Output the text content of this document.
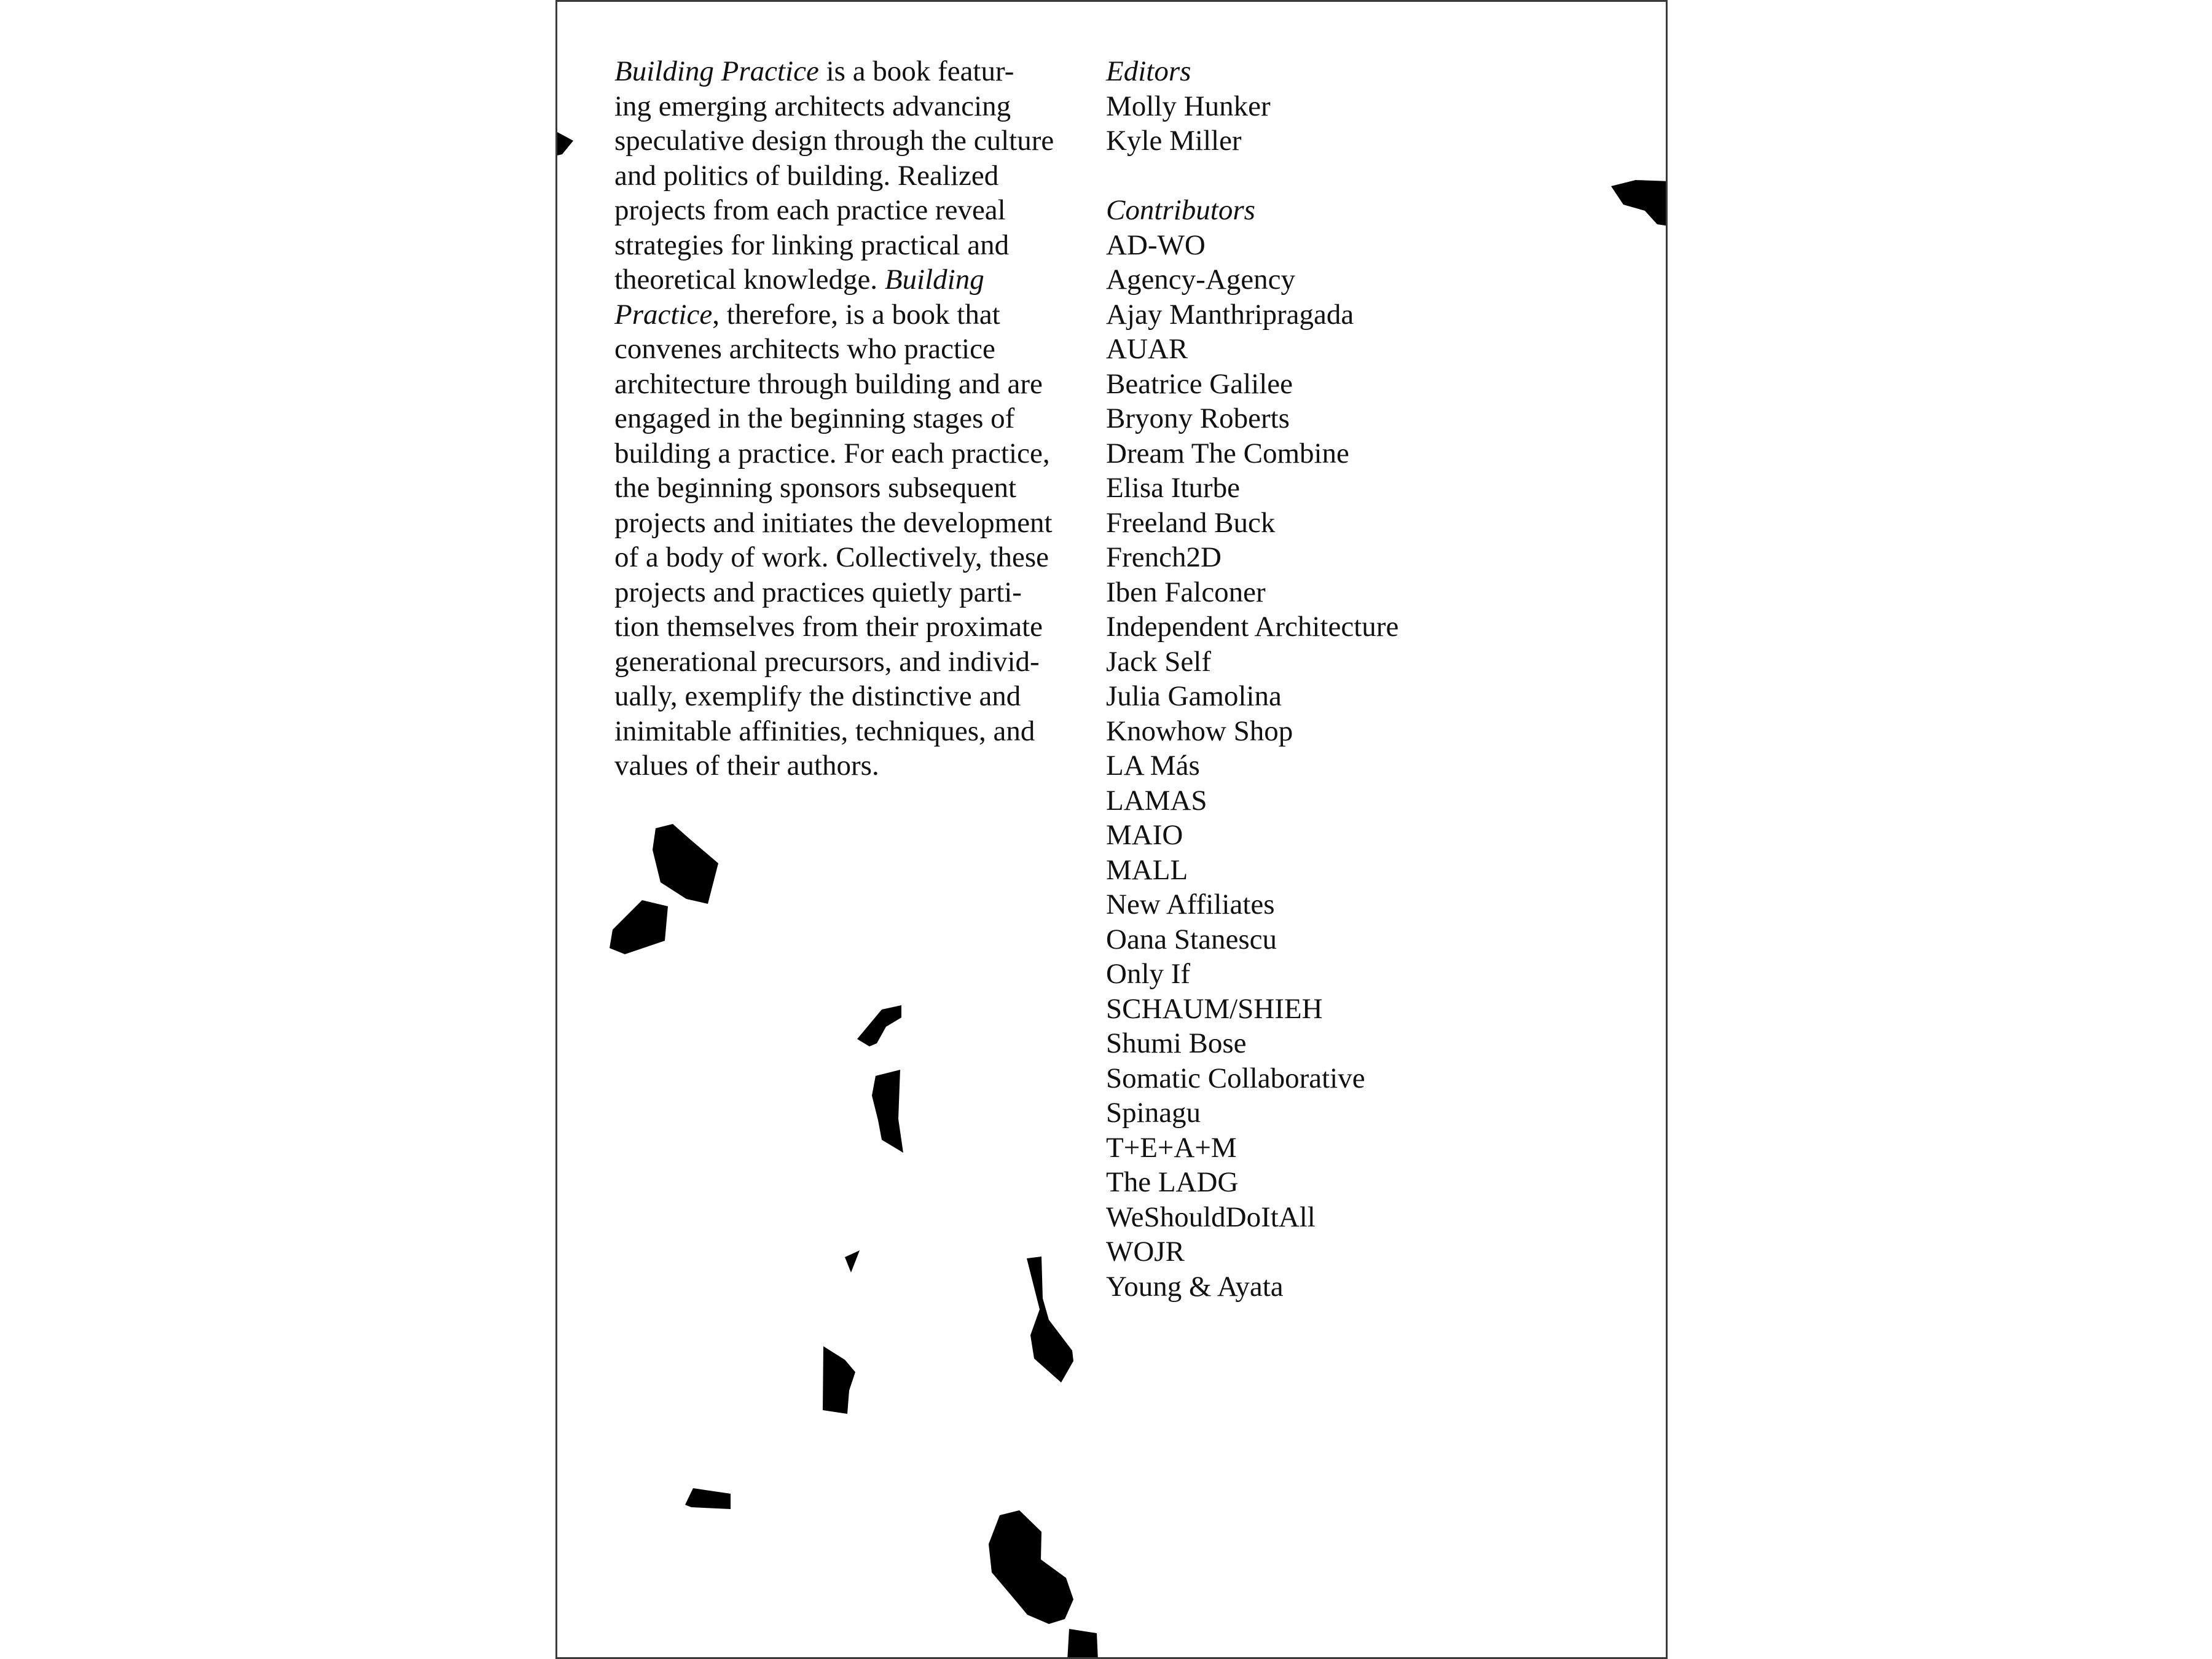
Building Practice is a book featur-
ing emerging architects advancing
speculative design through the culture
and politics of building. Realized
projects from each practice reveal
strategies for linking practical and
theoretical knowledge. Building
Practice, therefore, is a book that
convenes architects who practice
architecture through building and are
engaged in the beginning stages of
building a practice. For each practice,
the beginning sponsors subsequent
projects and initiates the development
of a body of work. Collectively, these
projects and practices quietly parti-
tion themselves from their proximate
generational precursors, and individ-
ually, exemplify the distinctive and
inimitable affinities, techniques, and
values of their authors.

Editors
Molly Hunker
Kyle Miller
Contributors
AD-WO
Agency-Agency
Ajay Manthripragada
AUAR
Beatrice Galilee
Bryony Roberts
Dream The Combine
Elisa Iturbe
Freeland Buck
French2D
Iben Falconer
Independent Architecture
Jack Self
Julia Gamolina
Knowhow Shop
LA Más
LAMAS
MAIO
MALL
New Affiliates
Oana Stanescu
Only If
SCHAUM/SHIEH
Shumi Bose
Somatic Collaborative
Spinagu
T+E+A+M
The LADG
WeShouldDoItAll
WOJR
Young & Ayata
